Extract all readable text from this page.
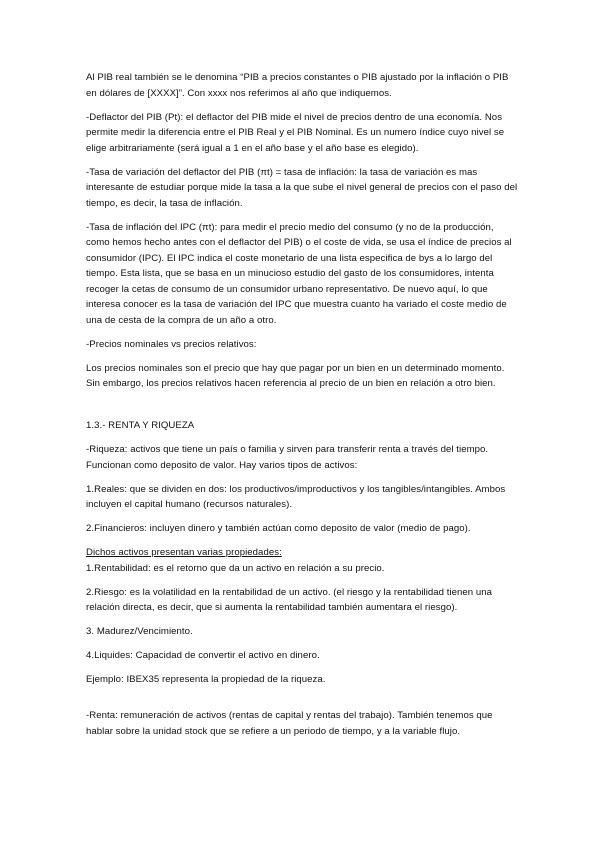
Al PIB real también se le denomina “PIB a precios constantes o PIB ajustado por la inflación o PIB en dólares de [XXXX]”. Con xxxx nos referimos al año que indiquemos.

-Deflactor del PIB (Pt): el deflactor del PIB mide el nivel de precios dentro de una economía. Nos permite medir la diferencia entre el PIB Real y el PIB Nominal. Es un numero índice cuyo nivel se elige arbitrariamente (será igual a 1 en el año base y el año base es elegido).

-Tasa de variación del deflactor del PIB (πt) = tasa de inflación: la tasa de variación es mas interesante de estudiar porque mide la tasa a la que sube el nivel general de precios con el paso del tiempo, es decir, la tasa de inflación.

-Tasa de inflación del IPC (πt): para medir el precio medio del consumo (y no de la producción, como hemos hecho antes con el deflactor del PIB) o el coste de vida, se usa el índice de precios al consumidor (IPC). El IPC indica el coste monetario de una lista especifica de bys a lo largo del tiempo. Esta lista, que se basa en un minucioso estudio del gasto de los consumidores, intenta recoger la cetas de consumo de un consumidor urbano representativo. De nuevo aquí, lo que interesa conocer es la tasa de variación del IPC que muestra cuanto ha variado el coste medio de una de cesta de la compra de un año a otro.

-Precios nominales vs precios relativos:

Los precios nominales son el precio que hay que pagar por un bien en un determinado momento. Sin embargo, los precios relativos hacen referencia al precio de un bien en relación a otro bien.

1.3.- RENTA Y RIQUEZA

-Riqueza: activos que tiene un país o familia y sirven para transferir renta a través del tiempo. Funcionan como deposito de valor. Hay varios tipos de activos:

1.Reales: que se dividen en dos: los productivos/improductivos y los tangibles/intangibles. Ambos incluyen el capital humano (recursos naturales).

2.Financieros: incluyen dinero y también actúan como deposito de valor (medio de pago).

Dichos activos presentan varias propiedades:

1.Rentabilidad: es el retorno que da un activo en relación a su precio.

2.Riesgo: es la volatilidad en la rentabilidad de un activo. (el riesgo y la rentabilidad tienen una relación directa, es decir, que si aumenta la rentabilidad también aumentara el riesgo).

3. Madurez/Vencimiento.

4.Liquides: Capacidad de convertir el activo en dinero.

Ejemplo: IBEX35 representa la propiedad de la riqueza.

-Renta: remuneración de activos (rentas de capital y rentas del trabajo). También tenemos que hablar sobre la unidad stock que se refiere a un periodo de tiempo, y a la variable flujo.
